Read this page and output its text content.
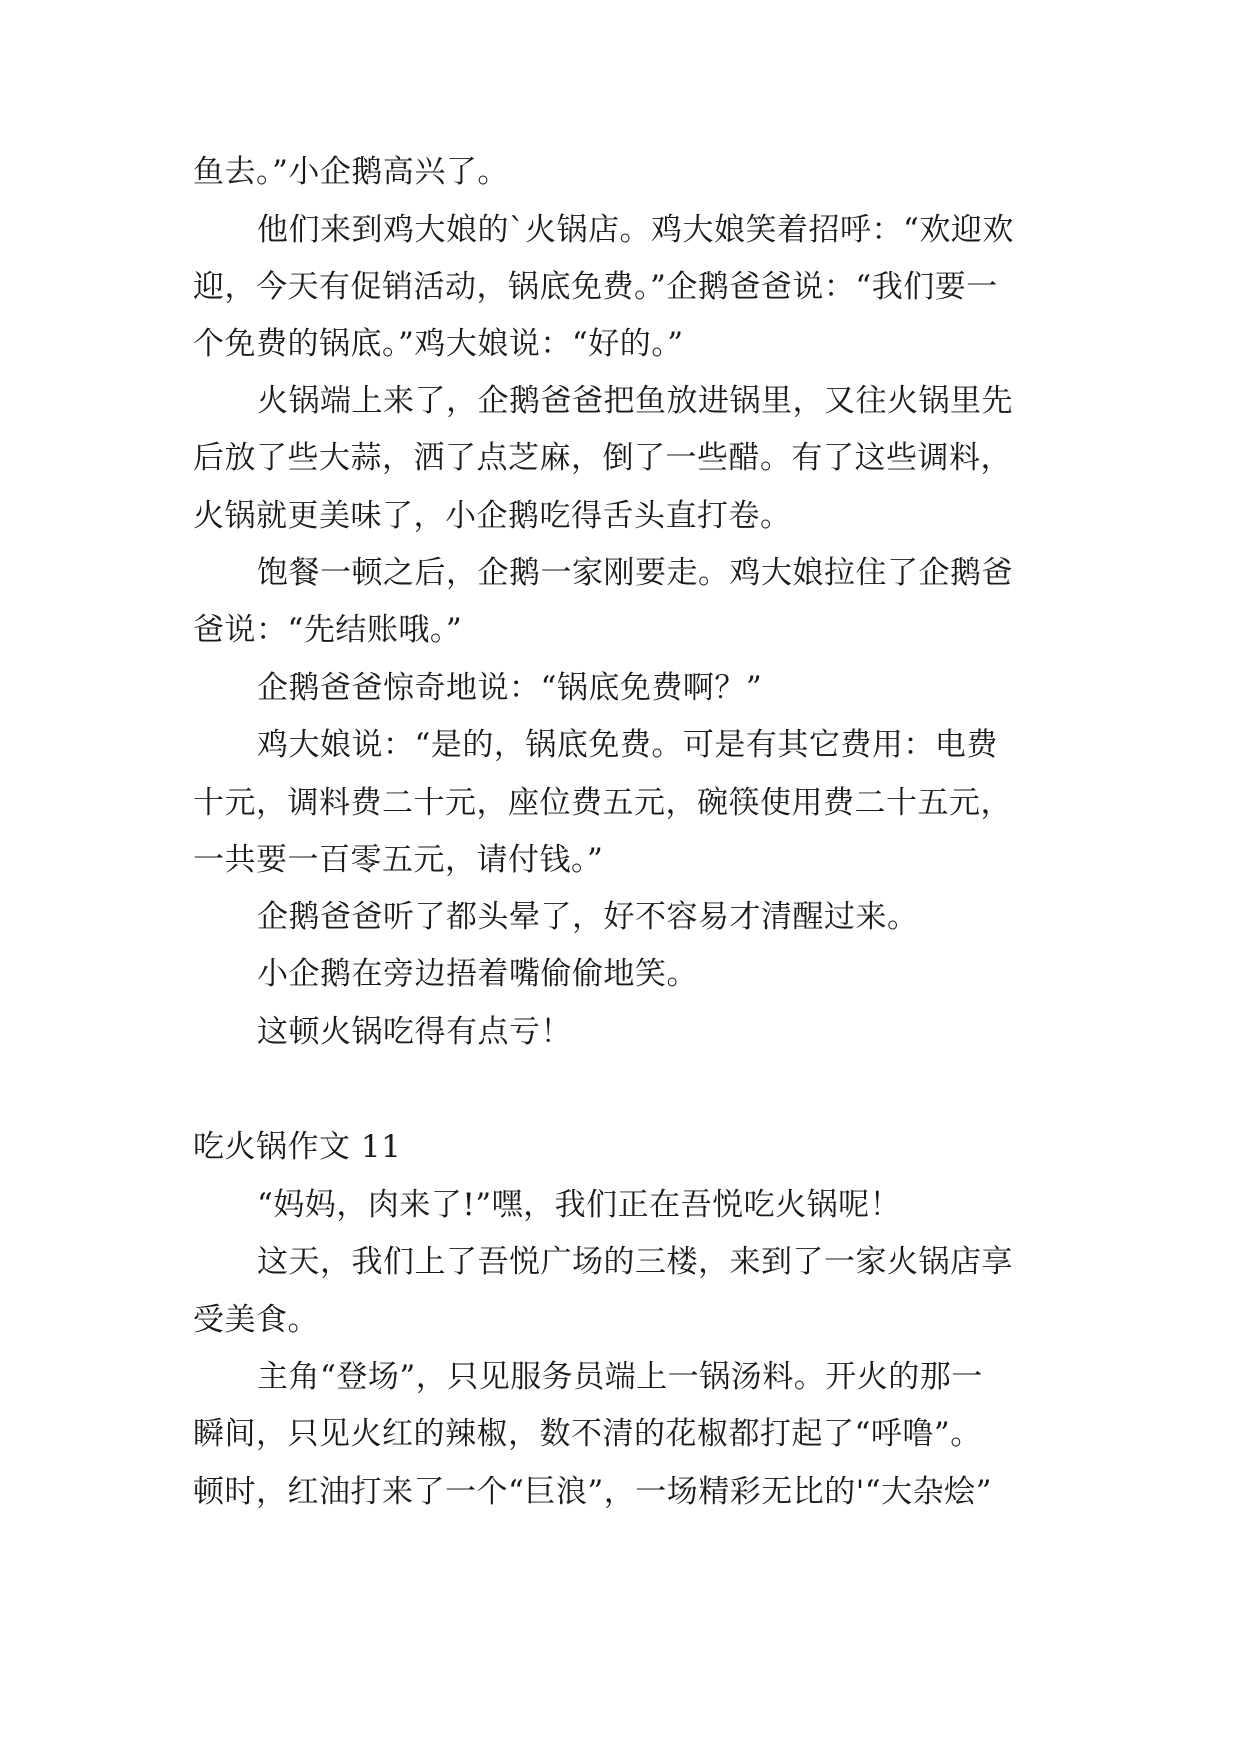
鱼去。”小企鹅高兴了。
他们来到鸡大娘的`火锅店。鸡大娘笑着招呼：“欢迎欢
迎，今天有促销活动，锅底免费。”企鹅爸爸说：“我们要一
个免费的锅底。”鸡大娘说：“好的。”
火锅端上来了，企鹅爸爸把鱼放进锅里，又往火锅里先
后放了些大蒜，洒了点芝麻，倒了一些醋。有了这些调料，
火锅就更美味了，小企鹅吃得舌头直打卷。
饱餐一顿之后，企鹅一家刚要走。鸡大娘拉住了企鹅爸
爸说：“先结账哦。”
企鹅爸爸惊奇地说：“锅底免费啊？”
鸡大娘说：“是的，锅底免费。可是有其它费用：电费
十元，调料费二十元，座位费五元，碗筷使用费二十五元，
一共要一百零五元，请付钱。”
企鹅爸爸听了都头晕了，好不容易才清醒过来。
小企鹅在旁边捂着嘴偷偷地笑。
这顿火锅吃得有点亏！
吃火锅作文 11
“妈妈，肉来了!”嘿，我们正在吾悦吃火锅呢！
这天，我们上了吾悦广场的三楼，来到了一家火锅店享
受美食。
主角“登场”，只见服务员端上一锅汤料。开火的那一
瞬间，只见火红的辣椒，数不清的花椒都打起了“呼噜”。
顿时，红油打来了一个“巨浪”，一场精彩无比的'“大杂烩”
